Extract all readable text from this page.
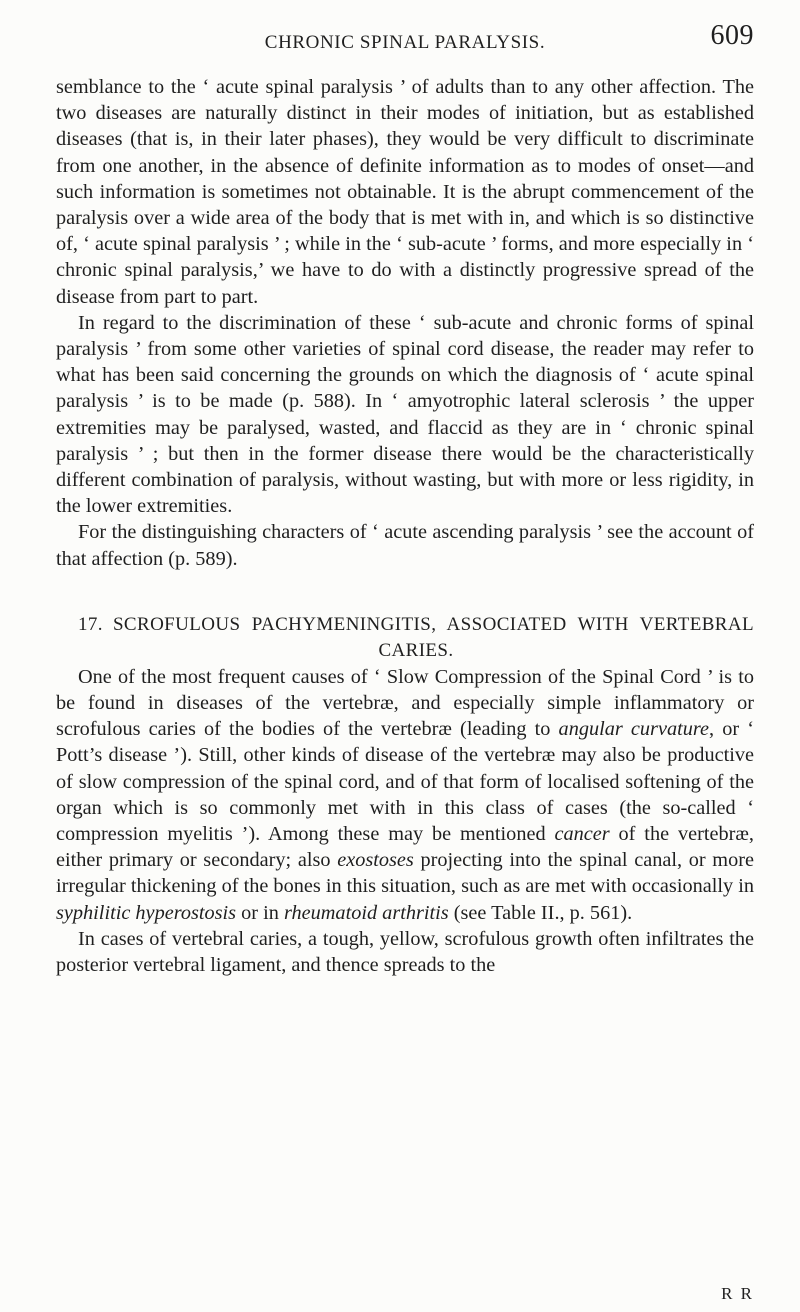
CHRONIC SPINAL PARALYSIS.	609

semblance to the ‘ acute spinal paralysis ’ of adults than to any other affection. The two diseases are naturally distinct in their modes of initiation, but as established diseases (that is, in their later phases), they would be very difficult to discriminate from one another, in the absence of definite information as to modes of onset—and such information is sometimes not obtainable. It is the abrupt commencement of the paralysis over a wide area of the body that is met with in, and which is so distinctive of, ‘ acute spinal paralysis ’ ; while in the ‘ sub-acute ’ forms, and more especially in ‘ chronic spinal paralysis,’ we have to do with a distinctly progressive spread of the disease from part to part.

In regard to the discrimination of these ‘ sub-acute and chronic forms of spinal paralysis ’ from some other varieties of spinal cord disease, the reader may refer to what has been said concerning the grounds on which the diagnosis of ‘ acute spinal paralysis ’ is to be made (p. 588). In ‘ amyotrophic lateral sclerosis ’ the upper extremities may be paralysed, wasted, and flaccid as they are in ‘ chronic spinal paralysis ’ ; but then in the former disease there would be the characteristically different combination of paralysis, without wasting, but with more or less rigidity, in the lower extremities.

For the distinguishing characters of ‘ acute ascending paralysis ’ see the account of that affection (p. 589).

17. SCROFULOUS PACHYMENINGITIS, ASSOCIATED WITH VERTEBRAL CARIES.

One of the most frequent causes of ‘ Slow Compression of the Spinal Cord ’ is to be found in diseases of the vertebræ, and especially simple inflammatory or scrofulous caries of the bodies of the vertebræ (leading to angular curvature, or ‘ Pott’s disease ’). Still, other kinds of disease of the vertebræ may also be productive of slow compression of the spinal cord, and of that form of localised softening of the organ which is so commonly met with in this class of cases (the so-called ‘ compression myelitis ’). Among these may be mentioned cancer of the vertebræ, either primary or secondary; also exostoses projecting into the spinal canal, or more irregular thickening of the bones in this situation, such as are met with occasionally in syphilitic hyperostosis or in rheumatoid arthritis (see Table II., p. 561).

In cases of vertebral caries, a tough, yellow, scrofulous growth often infiltrates the posterior vertebral ligament, and thence spreads to the

R R
